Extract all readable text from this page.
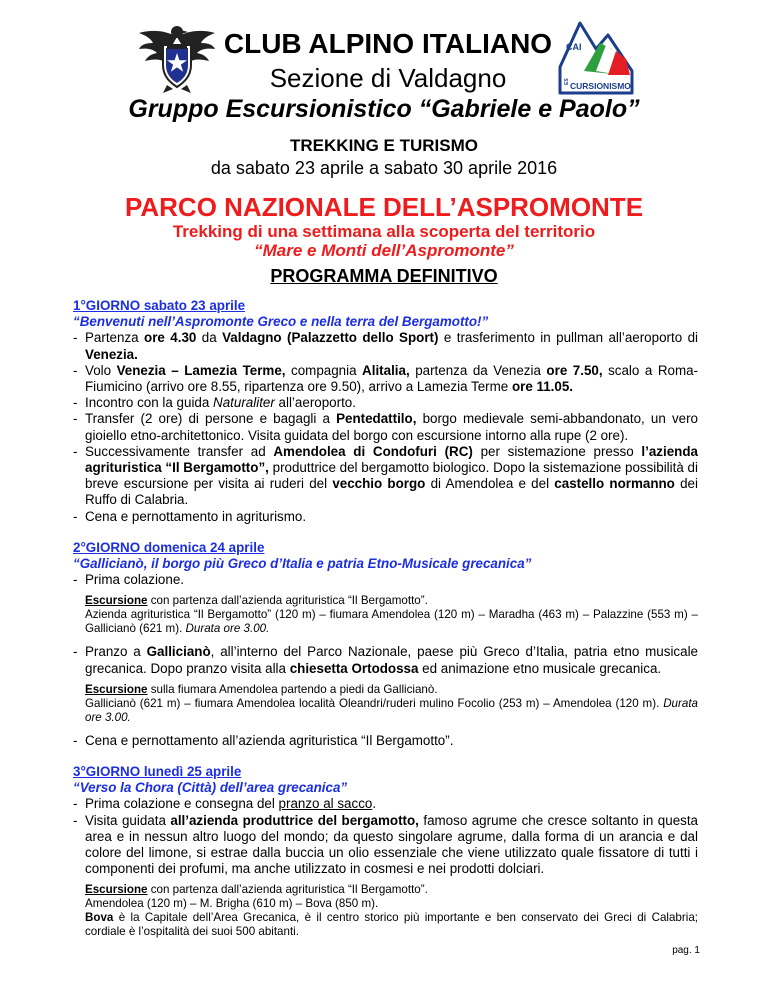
CAI
ES CURSIONISMO
CLUB ALPINO ITALIANO
Sezione di Valdagno
Gruppo Escursionistico “Gabriele e Paolo”
TREKKING E TURISMO
da sabato 23 aprile a sabato 30 aprile 2016
PARCO NAZIONALE DELL’ASPROMONTE
Trekking di una settimana alla scoperta del territorio
“Mare e Monti dell’Aspromonte”
PROGRAMMA DEFINITIVO
1°GIORNO sabato 23 aprile
“Benvenuti nell’Aspromonte Greco e nella terra del Bergamotto!”
- Partenza ore 4.30 da Valdagno (Palazzetto dello Sport) e trasferimento in pullman all’aeroporto di Venezia.
- Volo Venezia – Lamezia Terme, compagnia Alitalia, partenza da Venezia ore 7.50, scalo a Roma-Fiumicino (arrivo ore 8.55, ripartenza ore 9.50), arrivo a Lamezia Terme ore 11.05.
- Incontro con la guida Naturaliter all’aeroporto.
- Transfer (2 ore) di persone e bagagli a Pentedattilo, borgo medievale semi-abbandonato, un vero gioiello etno-architettonico. Visita guidata del borgo con escursione intorno alla rupe (2 ore).
- Successivamente transfer ad Amendolea di Condofuri (RC) per sistemazione presso l’azienda agrituristica “Il Bergamotto”, produttrice del bergamotto biologico. Dopo la sistemazione possibilità di breve escursione per visita ai ruderi del vecchio borgo di Amendolea e del castello normanno dei Ruffo di Calabria.
- Cena e pernottamento in agriturismo.
2°GIORNO domenica 24 aprile
“Gallicianò, il borgo più Greco d’Italia e patria Etno-Musicale grecanica”
- Prima colazione.
Escursione con partenza dall’azienda agrituristica “Il Bergamotto”.
Azienda agrituristica “Il Bergamotto” (120 m) – fiumara Amendolea (120 m) – Maradha (463 m) – Palazzine (553 m) – Gallicianò (621 m). Durata ore 3.00.
- Pranzo a Gallicianò, all’interno del Parco Nazionale, paese più Greco d’Italia, patria etno musicale grecanica. Dopo pranzo visita alla chiesetta Ortodossa ed animazione etno musicale grecanica.
Escursione sulla fiumara Amendolea partendo a piedi da Gallicianò.
Gallicianò (621 m) – fiumara Amendolea località Oleandri/ruderi mulino Focolio (253 m) – Amendolea (120 m). Durata ore 3.00.
- Cena e pernottamento all’azienda agrituristica “Il Bergamotto”.
3°GIORNO lunedì 25 aprile
“Verso la Chora (Città) dell’area grecanica”
- Prima colazione e consegna del pranzo al sacco.
- Visita guidata all’azienda produttrice del bergamotto, famoso agrume che cresce soltanto in questa area e in nessun altro luogo del mondo; da questo singolare agrume, dalla forma di un arancia e dal colore del limone, si estrae dalla buccia un olio essenziale che viene utilizzato quale fissatore di tutti i componenti dei profumi, ma anche utilizzato in cosmesi e nei prodotti dolciari.
Escursione con partenza dall’azienda agrituristica “Il Bergamotto”.
Amendolea (120 m) – M. Brigha (610 m) – Bova (850 m).
Bova è la Capitale dell’Area Grecanica, è il centro storico più importante e ben conservato dei Greci di Calabria; cordiale è l’ospitalità dei suoi 500 abitanti.
pag. 1
